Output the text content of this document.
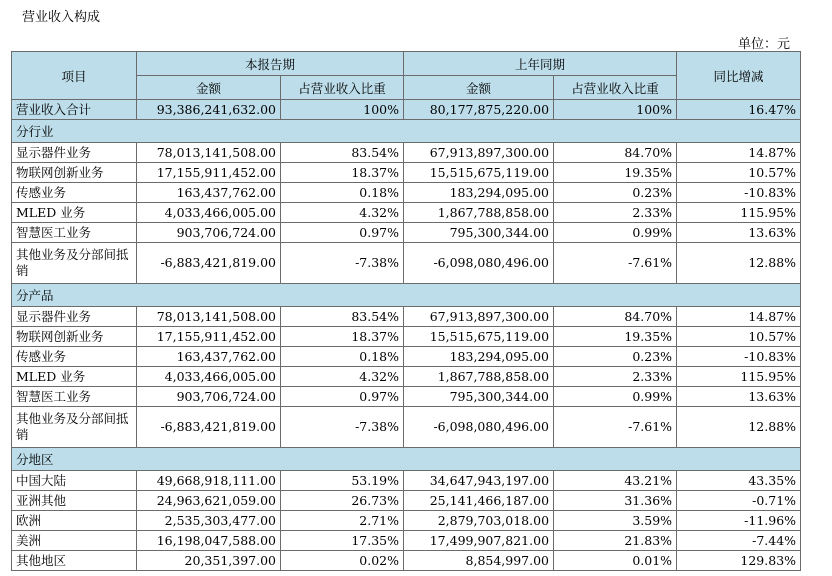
营业收入构成
单位：元
项目	本报告期		上年同期		同比增减
	金额	占营业收入比重	金额	占营业收入比重	
营业收入合计	93,386,241,632.00	100%	80,177,875,220.00	100%	16.47%
分行业					
显示器件业务	78,013,141,508.00	83.54%	67,913,897,300.00	84.70%	14.87%
物联网创新业务	17,155,911,452.00	18.37%	15,515,675,119.00	19.35%	10.57%
传感业务	163,437,762.00	0.18%	183,294,095.00	0.23%	-10.83%
MLED 业务	4,033,466,005.00	4.32%	1,867,788,858.00	2.33%	115.95%
智慧医工业务	903,706,724.00	0.97%	795,300,344.00	0.99%	13.63%
其他业务及分部间抵销	-6,883,421,819.00	-7.38%	-6,098,080,496.00	-7.61%	12.88%
分产品					
显示器件业务	78,013,141,508.00	83.54%	67,913,897,300.00	84.70%	14.87%
物联网创新业务	17,155,911,452.00	18.37%	15,515,675,119.00	19.35%	10.57%
传感业务	163,437,762.00	0.18%	183,294,095.00	0.23%	-10.83%
MLED 业务	4,033,466,005.00	4.32%	1,867,788,858.00	2.33%	115.95%
智慧医工业务	903,706,724.00	0.97%	795,300,344.00	0.99%	13.63%
其他业务及分部间抵销	-6,883,421,819.00	-7.38%	-6,098,080,496.00	-7.61%	12.88%
分地区					
中国大陆	49,668,918,111.00	53.19%	34,647,943,197.00	43.21%	43.35%
亚洲其他	24,963,621,059.00	26.73%	25,141,466,187.00	31.36%	-0.71%
欧洲	2,535,303,477.00	2.71%	2,879,703,018.00	3.59%	-11.96%
美洲	16,198,047,588.00	17.35%	17,499,907,821.00	21.83%	-7.44%
其他地区	20,351,397.00	0.02%	8,854,997.00	0.01%	129.83%
